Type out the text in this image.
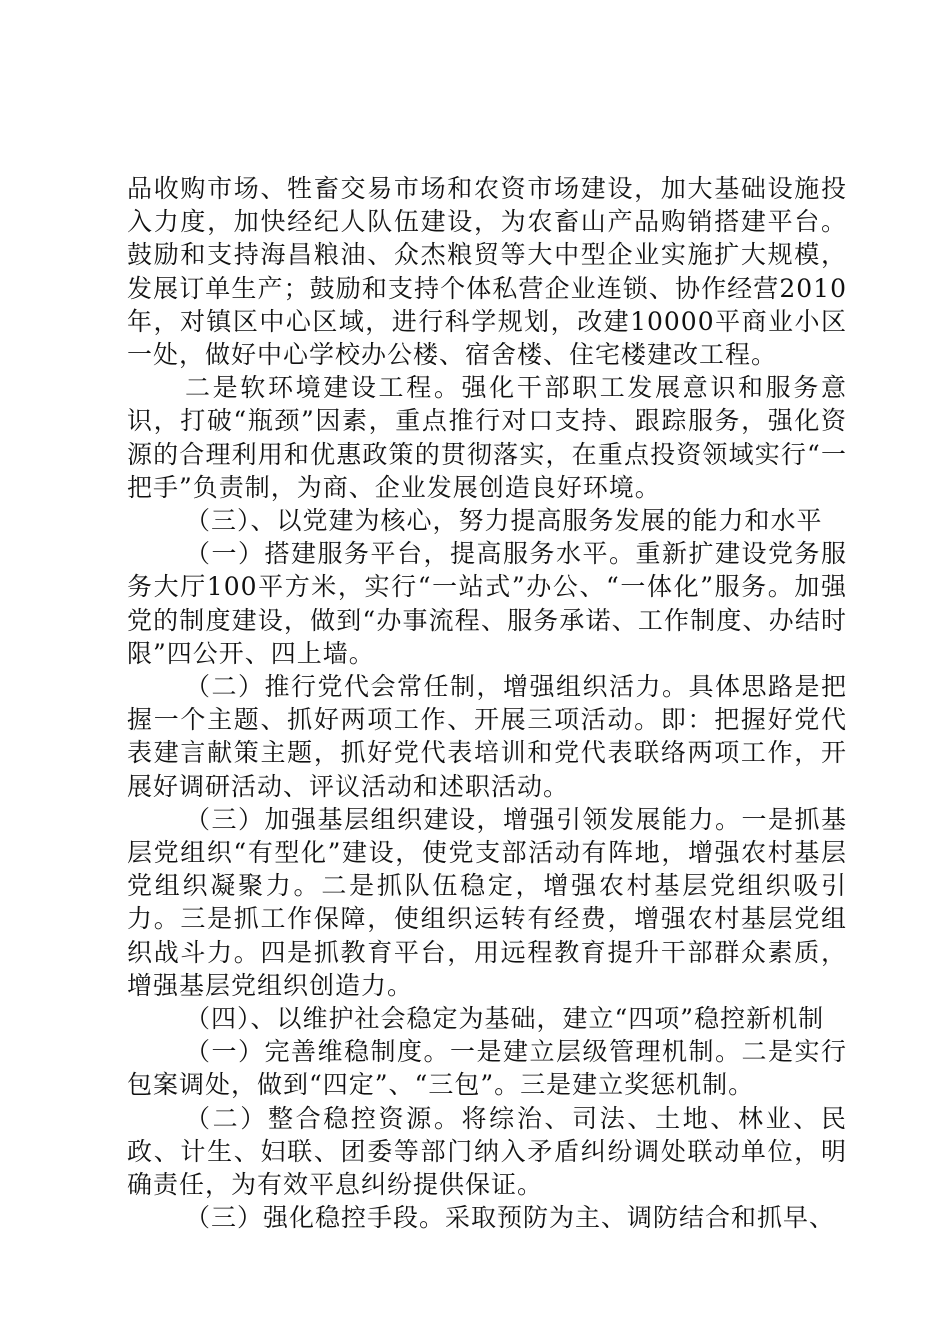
品收购市场、牲畜交易市场和农资市场建设，加大基础设施投入力度，加快经纪人队伍建设，为农畜山产品购销搭建平台。鼓励和支持海昌粮油、众杰粮贸等大中型企业实施扩大规模，发展订单生产；鼓励和支持个体私营企业连锁、协作经营2010年，对镇区中心区域，进行科学规划，改建10000平商业小区一处，做好中心学校办公楼、宿舍楼、住宅楼建改工程。

二是软环境建设工程。强化干部职工发展意识和服务意识，打破“瓶颈”因素，重点推行对口支持、跟踪服务，强化资源的合理利用和优惠政策的贯彻落实，在重点投资领域实行“一把手”负责制，为商、企业发展创造良好环境。

（三）、以党建为核心，努力提高服务发展的能力和水平

（一）搭建服务平台，提高服务水平。重新扩建设党务服务大厅100平方米，实行“一站式”办公、“一体化”服务。加强党的制度建设，做到“办事流程、服务承诺、工作制度、办结时限”四公开、四上墙。

（二）推行党代会常任制，增强组织活力。具体思路是把握一个主题、抓好两项工作、开展三项活动。即：把握好党代表建言献策主题，抓好党代表培训和党代表联络两项工作，开展好调研活动、评议活动和述职活动。

（三）加强基层组织建设，增强引领发展能力。一是抓基层党组织“有型化”建设，使党支部活动有阵地，增强农村基层党组织凝聚力。二是抓队伍稳定，增强农村基层党组织吸引力。三是抓工作保障，使组织运转有经费，增强农村基层党组织战斗力。四是抓教育平台，用远程教育提升干部群众素质，增强基层党组织创造力。

（四）、以维护社会稳定为基础，建立“四项”稳控新机制

（一）完善维稳制度。一是建立层级管理机制。二是实行包案调处，做到“四定”、“三包”。三是建立奖惩机制。

（二）整合稳控资源。将综治、司法、土地、林业、民政、计生、妇联、团委等部门纳入矛盾纠纷调处联动单位，明确责任，为有效平息纠纷提供保证。

（三）强化稳控手段。采取预防为主、调防结合和抓早、
